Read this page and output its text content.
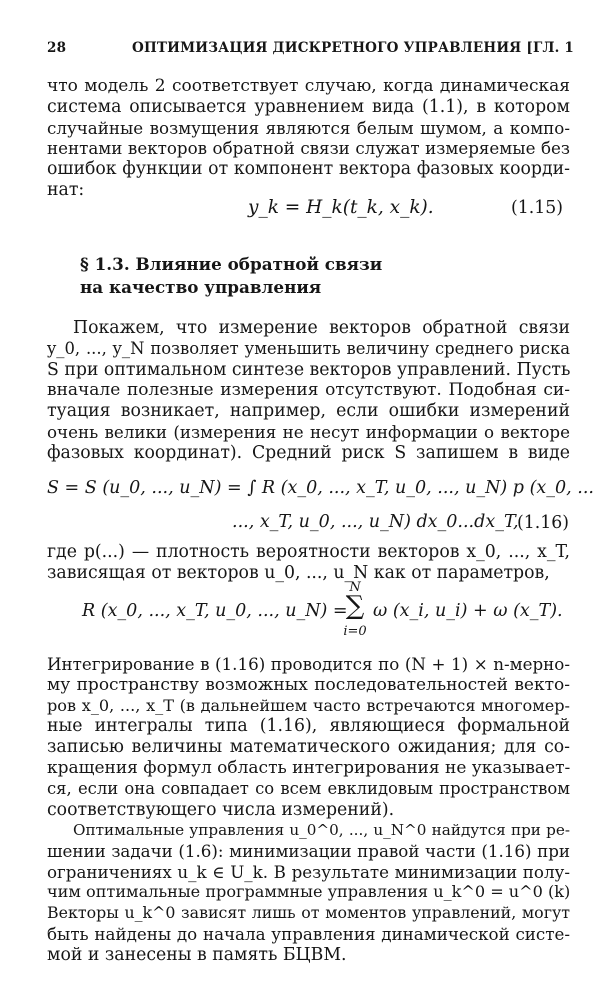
28	ОПТИМИЗАЦИЯ ДИСКРЕТНОГО УПРАВЛЕНИЯ [ГЛ. 1
что модель 2 соответствует случаю, когда динамическая
система описывается уравнением вида (1.1), в котором
случайные возмущения являются белым шумом, а компо-
нентами векторов обратной связи служат измеряемые без
ошибок функции от компонент вектора фазовых коорди-
нат:
y_k = H_k(t_k, x_k).	(1.15)
§ 1.3. Влияние обратной связи
на качество управления
Покажем, что измерение векторов обратной связи
y_0, ..., y_N позволяет уменьшить величину среднего риска
S при оптимальном синтезе векторов управлений. Пусть
вначале полезные измерения отсутствуют. Подобная си-
туация возникает, например, если ошибки измерений
очень велики (измерения не несут информации о векторе
фазовых координат). Средний риск S запишем в виде
S = S (u_0, ..., u_N) = ∫ R (x_0, ..., x_T, u_0, ..., u_N) p (x_0, ...
..., x_T, u_0, ..., u_N) dx_0...dx_T,
(1.16)
где p(...) — плотность вероятности векторов x_0, ..., x_T,
зависящая от векторов u_0, ..., u_N как от параметров,
R (x_0, ..., x_T, u_0, ..., u_N) =
N
∑
i=0
ω (x_i, u_i) + ω (x_T).
Интегрирование в (1.16) проводится по (N + 1) × n-мерно-
му пространству возможных последовательностей векто-
ров x_0, ..., x_T (в дальнейшем часто встречаются многомер-
ные интегралы типа (1.16), являющиеся формальной
записью величины математического ожидания; для со-
кращения формул область интегрирования не указывает-
ся, если она совпадает со всем евклидовым пространством
соответствующего числа измерений).
Оптимальные управления u_0^0, ..., u_N^0 найдутся при ре-
шении задачи (1.6): минимизации правой части (1.16) при
ограничениях u_k ∈ U_k. В результате минимизации полу-
чим оптимальные программные управления u_k^0 = u^0 (k)
Векторы u_k^0 зависят лишь от моментов управлений, могут
быть найдены до начала управления динамической систе-
мой и занесены в память БЦВМ.
